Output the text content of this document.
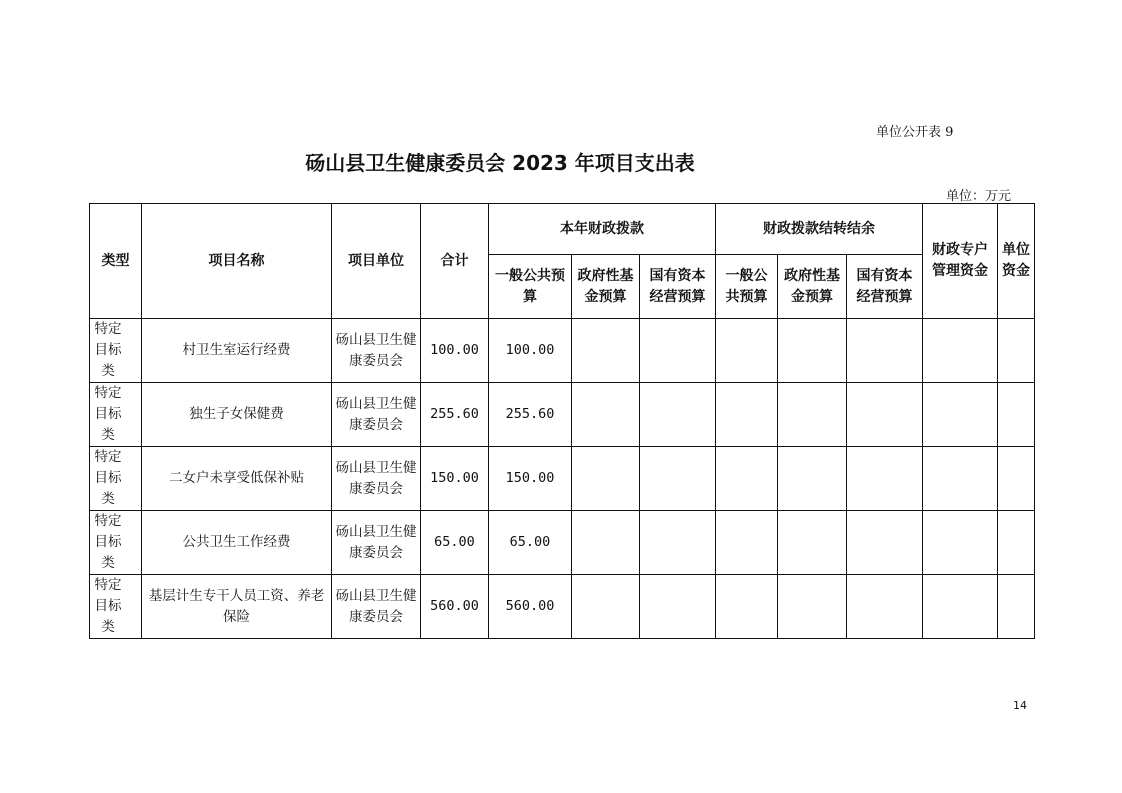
单位公开表 9
砀山县卫生健康委员会 2023 年项目支出表
单位：万元
类型	项目名称	项目单位	合计	本年财政拨款			财政拨款结转结余			财政专户管理资金	单位资金
				一般公共预算	政府性基金预算	国有资本经营预算	一般公共预算	政府性基金预算	国有资本经营预算		

特定目标类	村卫生室运行经费	砀山县卫生健康委员会	100.00	100.00							

特定目标类	独生子女保健费	砀山县卫生健康委员会	255.60	255.60							

特定目标类	二女户未享受低保补贴	砀山县卫生健康委员会	150.00	150.00							

特定目标类	公共卫生工作经费	砀山县卫生健康委员会	65.00	65.00							

特定目标类	基层计生专干人员工资、养老保险	砀山县卫生健康委员会	560.00	560.00							
14
